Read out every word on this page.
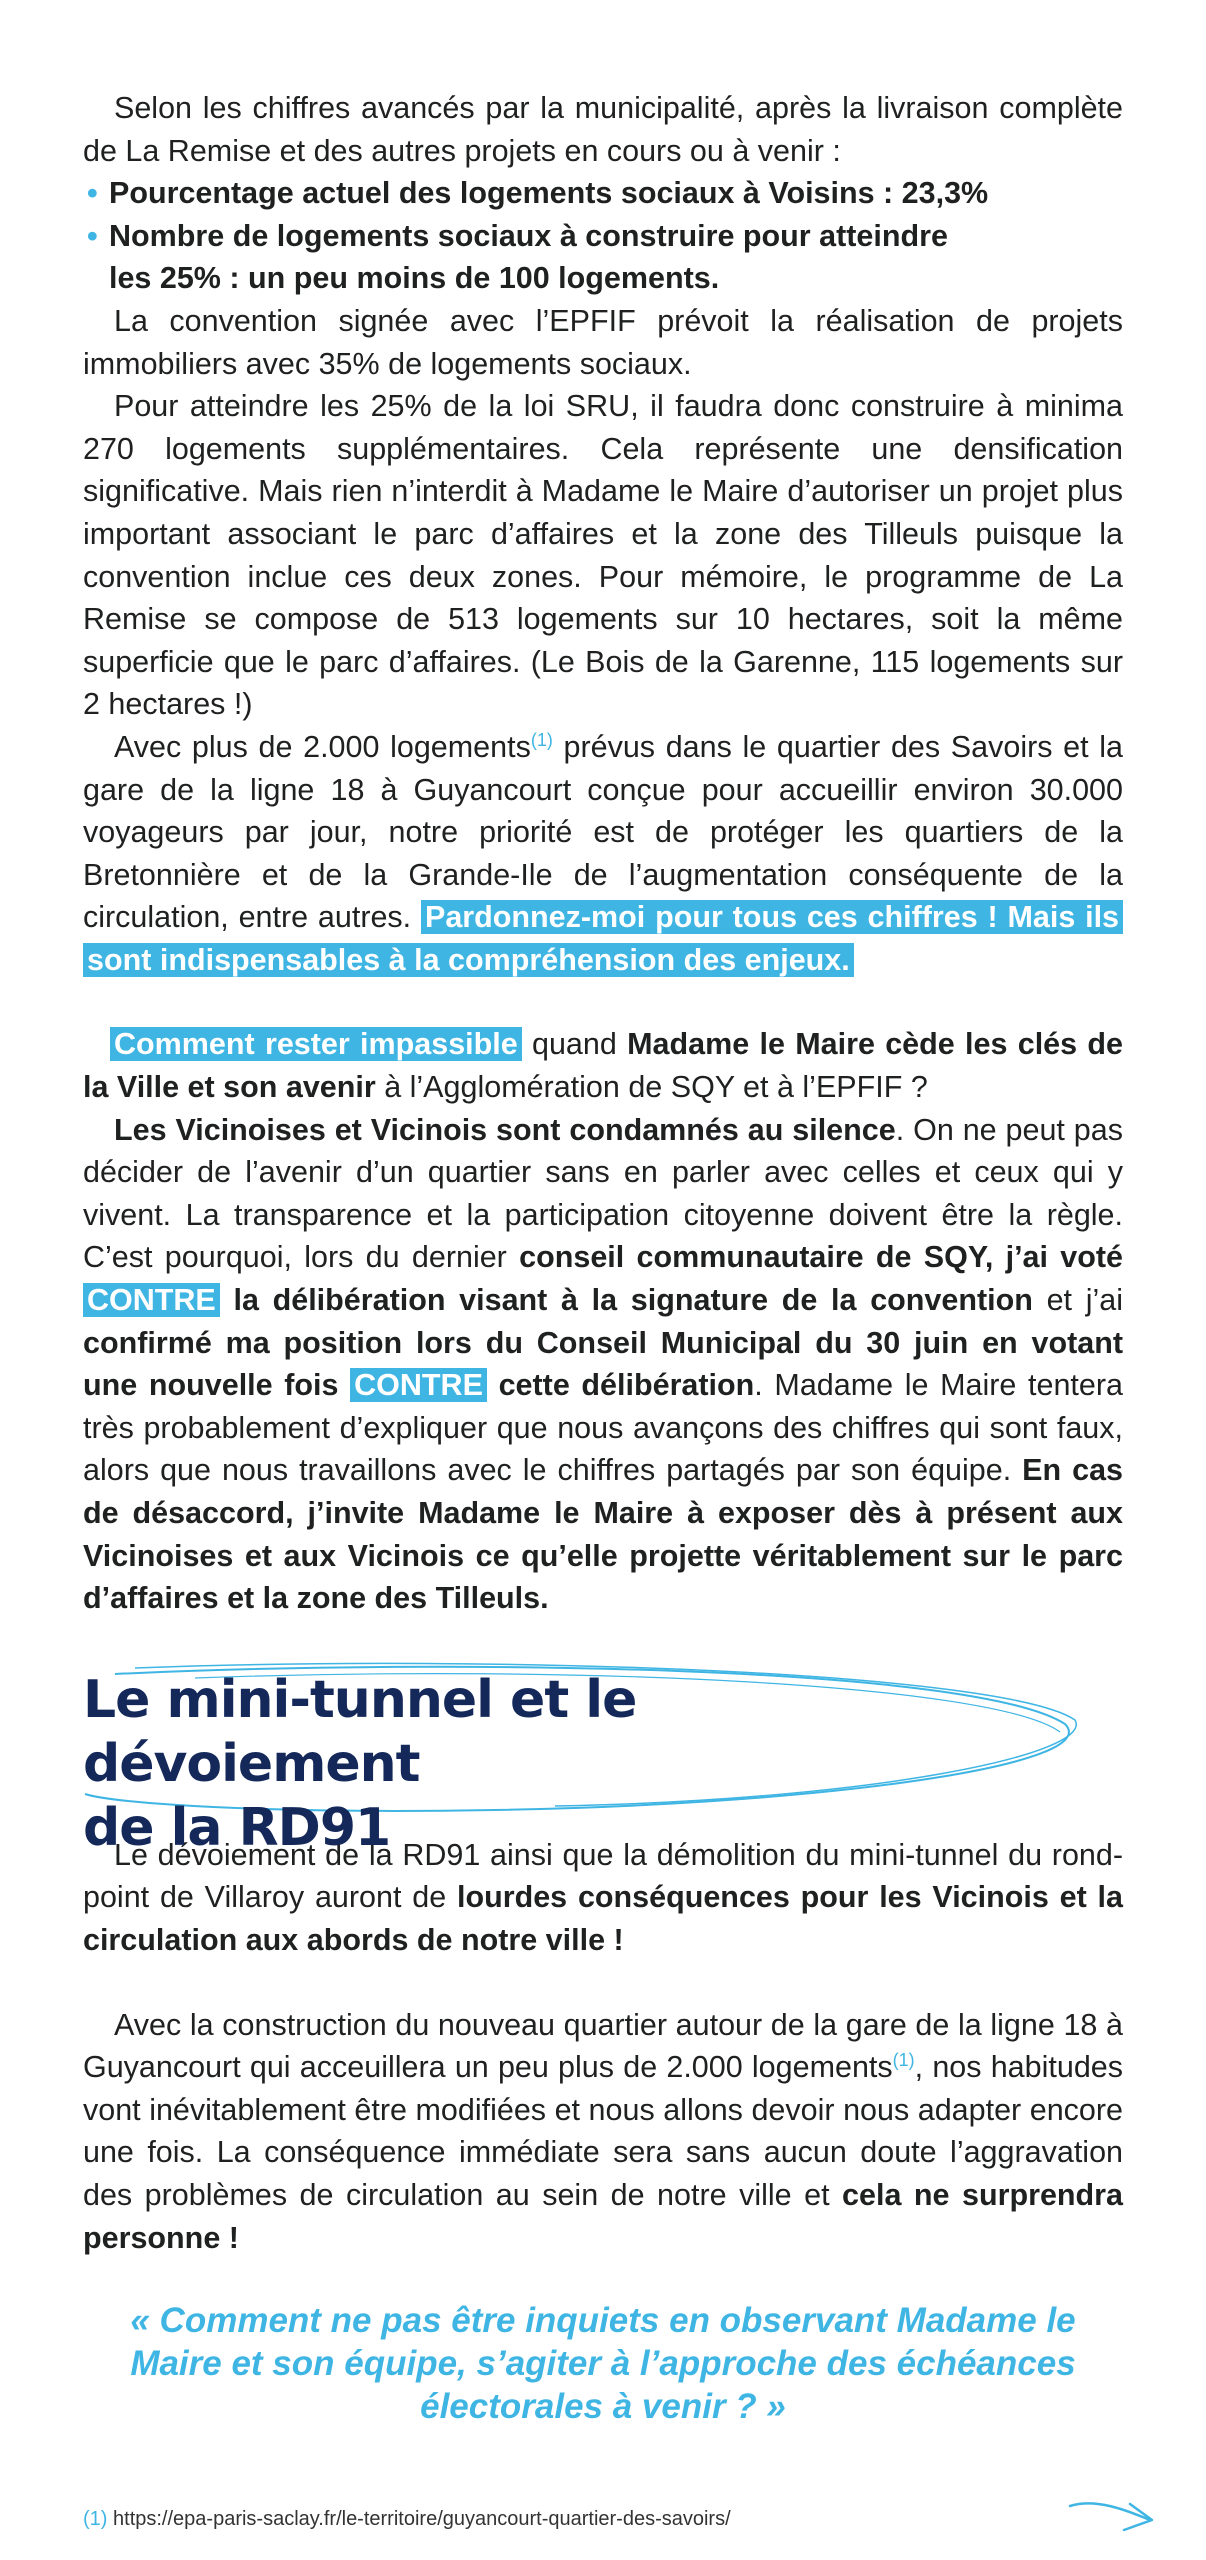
Selon les chiffres avancés par la municipalité, après la livraison complète de La Remise et des autres projets en cours ou à venir :

• Pourcentage actuel des logements sociaux à Voisins : 23,3%
• Nombre de logements sociaux à construire pour atteindre
les 25% : un peu moins de 100 logements.

La convention signée avec l’EPFIF prévoit la réalisation de projets immobiliers avec 35% de logements sociaux.

Pour atteindre les 25% de la loi SRU, il faudra donc construire à minima 270 logements supplémentaires. Cela représente une densification significative. Mais rien n’interdit à Madame le Maire d’autoriser un projet plus important associant le parc d’affaires et la zone des Tilleuls puisque la convention inclue ces deux zones. Pour mémoire, le programme de La Remise se compose de 513 logements sur 10 hectares, soit la même superficie que le parc d’affaires. (Le Bois de la Garenne, 115 logements sur 2 hectares !)

Avec plus de 2.000 logements$^{(1)}$ prévus dans le quartier des Savoirs et la gare de la ligne 18 à Guyancourt conçue pour accueillir environ 30.000 voyageurs par jour, notre priorité est de protéger les quartiers de la Bretonnière et de la Grande-Ile de l’augmentation conséquente de la circulation, entre autres. Pardonnez-moi pour tous ces chiffres ! Mais ils sont indispensables à la compréhension des enjeux.

Comment rester impassible quand Madame le Maire cède les clés de la Ville et son avenir à l’Agglomération de SQY et à l’EPFIF ?

Les Vicinoises et Vicinois sont condamnés au silence. On ne peut pas décider de l’avenir d’un quartier sans en parler avec celles et ceux qui y vivent. La transparence et la participation citoyenne doivent être la règle. C’est pourquoi, lors du dernier conseil communautaire de SQY, j’ai voté CONTRE la délibération visant à la signature de la convention et j’ai confirmé ma position lors du Conseil Municipal du 30 juin en votant une nouvelle fois CONTRE cette délibération. Madame le Maire tentera très probablement d’expliquer que nous avançons des chiffres qui sont faux, alors que nous travaillons avec le chiffres partagés par son équipe. En cas de désaccord, j’invite Madame le Maire à exposer dès à présent aux Vicinoises et aux Vicinois ce qu’elle projette véritablement sur le parc d’affaires et la zone des Tilleuls.

Le mini-tunnel et le dévoiement
de la RD91

Le dévoiement de la RD91 ainsi que la démolition du mini-tunnel du rond-point de Villaroy auront de lourdes conséquences pour les Vicinois et la circulation aux abords de notre ville !

Avec la construction du nouveau quartier autour de la gare de la ligne 18 à Guyancourt qui acceuillera un peu plus de 2.000 logements$^{(1)}$, nos habitudes vont inévitablement être modifiées et nous allons devoir nous adapter encore une fois. La conséquence immédiate sera sans aucun doute l’aggravation des problèmes de circulation au sein de notre ville et cela ne surprendra personne !

« Comment ne pas être inquiets en observant Madame le Maire et son équipe, s’agiter à l’approche des échéances électorales à venir ? »

(1) https://epa-paris-saclay.fr/le-territoire/guyancourt-quartier-des-savoirs/
